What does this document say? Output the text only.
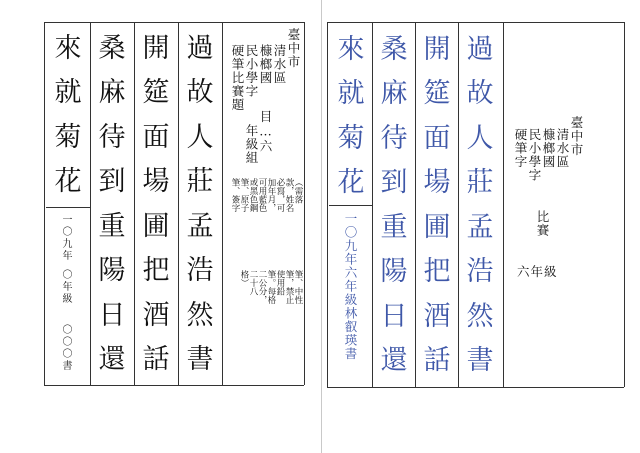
過
故
人
莊
孟
浩
然
書
開
筵
面
場
圃
把
酒
話
桑
麻
待
到
重
陽
日
還
來
就
菊
花
臺中市
清水區
槺榔國
民小學字
硬筆比賽題
目…六
年級組
（需落
款，姓名
必寫，可
加年月，
可用藍色
或黑色鋼
筆、原子
筆、簽字
筆、中性
筆，禁止
使用鉛
筆。每格
二公分，
二十八
格）
一〇九年
〇年級
〇〇〇書
過
故
人
莊
孟
浩
然
書
開
筵
面
場
圃
把
酒
話
桑
麻
待
到
重
陽
日
還
來
就
菊
花
臺中市
清水區
槺榔國
民小學字
硬筆字
比賽
六年級
一〇九年六年級林叡瑛書
